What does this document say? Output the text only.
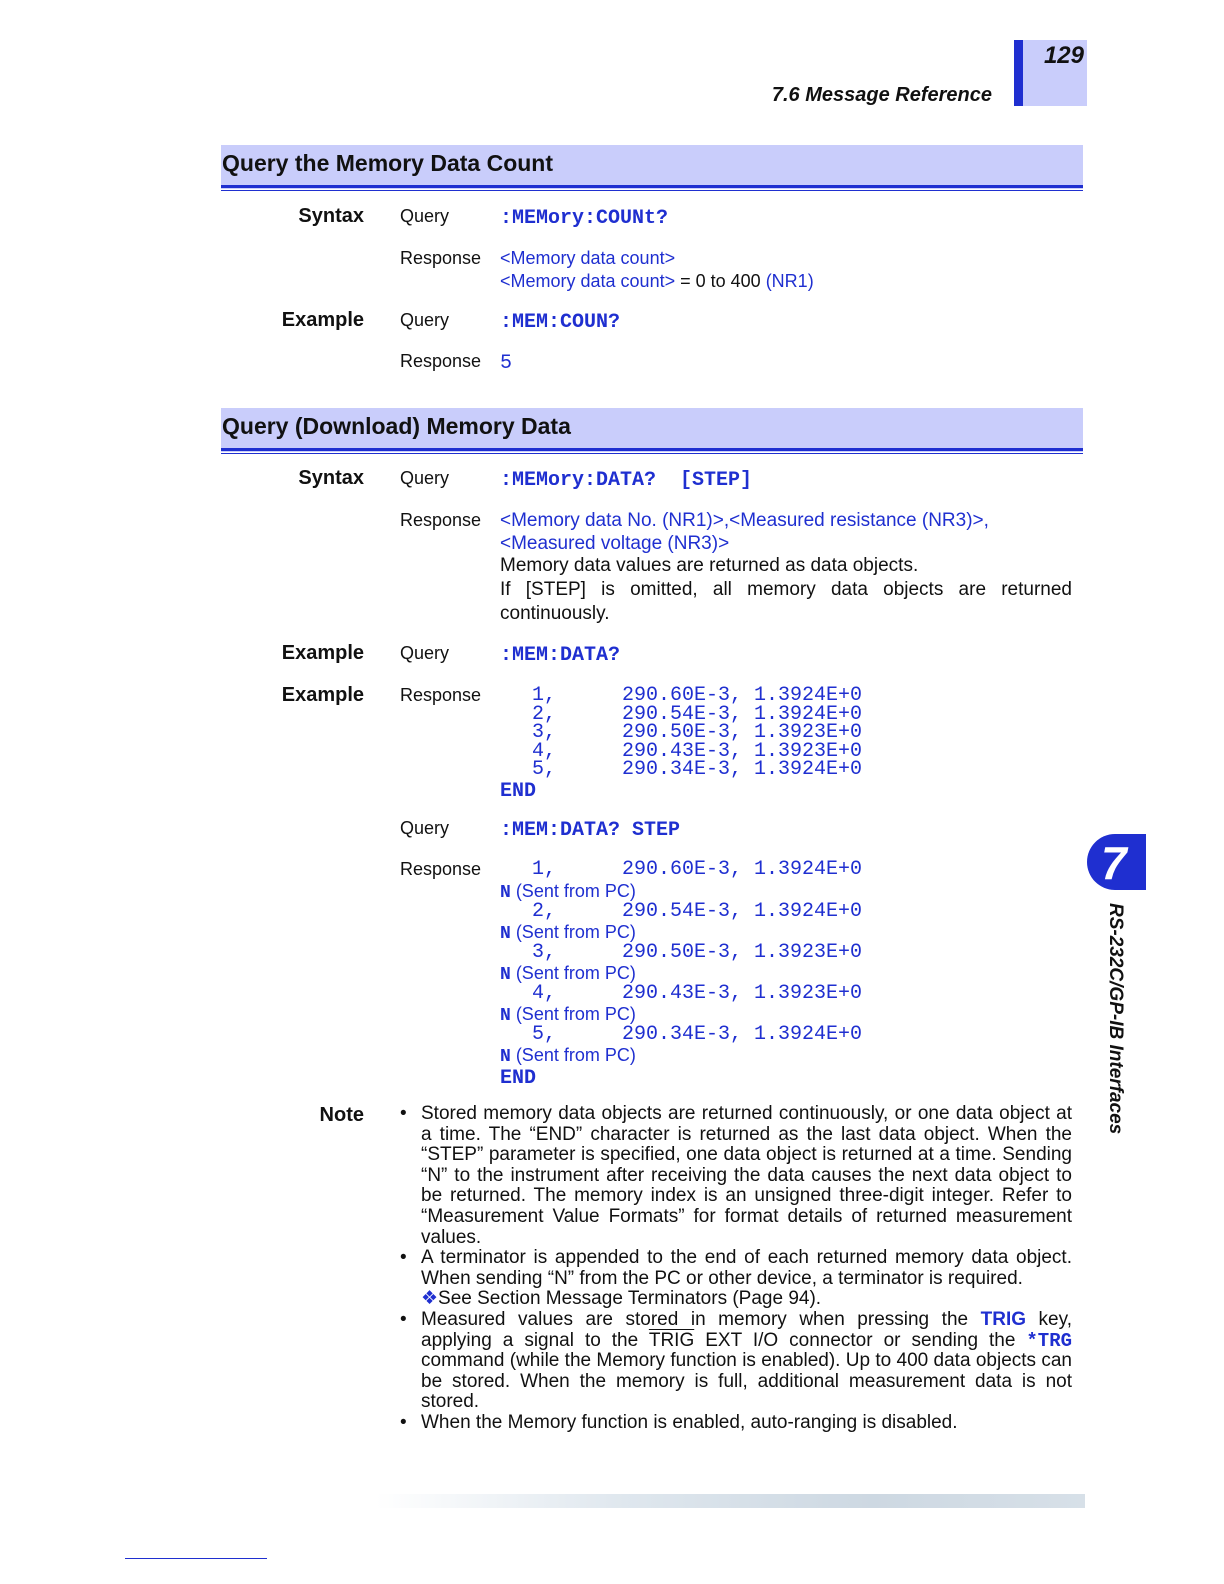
129
7.6 Message Reference
Query the Memory Data Count
Syntax Query	:MEMory:COUNt?
Response <Memory data count>
<Memory data count> = 0 to 400 (NR1)
Example Query	:MEM:COUN?
Response 5
Query (Download) Memory Data
Syntax Query	:MEMory:DATA?  [STEP]
Response <Memory data No. (NR1)>,<Measured resistance (NR3)>,<Measured voltage (NR3)>
Memory data values are returned as data objects.
If [STEP] is omitted, all memory data objects are returned continuously.
Example Query	:MEM:DATA?
Example Response	1,	290.60E-3,	1.3924E+0
2,	290.54E-3,	1.3924E+0
3,	290.50E-3,	1.3923E+0
4,	290.43E-3,	1.3923E+0
5,	290.34E-3,	1.3924E+0
END
Query	:MEM:DATA? STEP
Response	1,	290.60E-3,	1.3924E+0
N (Sent from PC)
2,	290.54E-3,	1.3924E+0
N (Sent from PC)
3,	290.50E-3,	1.3923E+0
N (Sent from PC)
4,	290.43E-3,	1.3923E+0
N (Sent from PC)
5,	290.34E-3,	1.3924E+0
N (Sent from PC)
END
Note • Stored memory data objects are returned continuously, or one data object at a time. The “END” character is returned as the last data object. When the “STEP” parameter is specified, one data object is returned at a time. Sending “N” to the instrument after receiving the data causes the next data object to be returned. The memory index is an unsigned three-digit integer. Refer to “Measurement Value Formats” for format details of returned measurement values.
• A terminator is appended to the end of each returned memory data object. When sending “N” from the PC or other device, a terminator is required.
❖See Section Message Terminators (Page 94).
• Measured values are stored in memory when pressing the TRIG key, applying a signal to the TRIG EXT I/O connector or sending the *TRG command (while the Memory function is enabled). Up to 400 data objects can be stored. When the memory is full, additional measurement data is not stored.
• When the Memory function is enabled, auto-ranging is disabled.
7
RS-232C/GP-IB Interfaces
